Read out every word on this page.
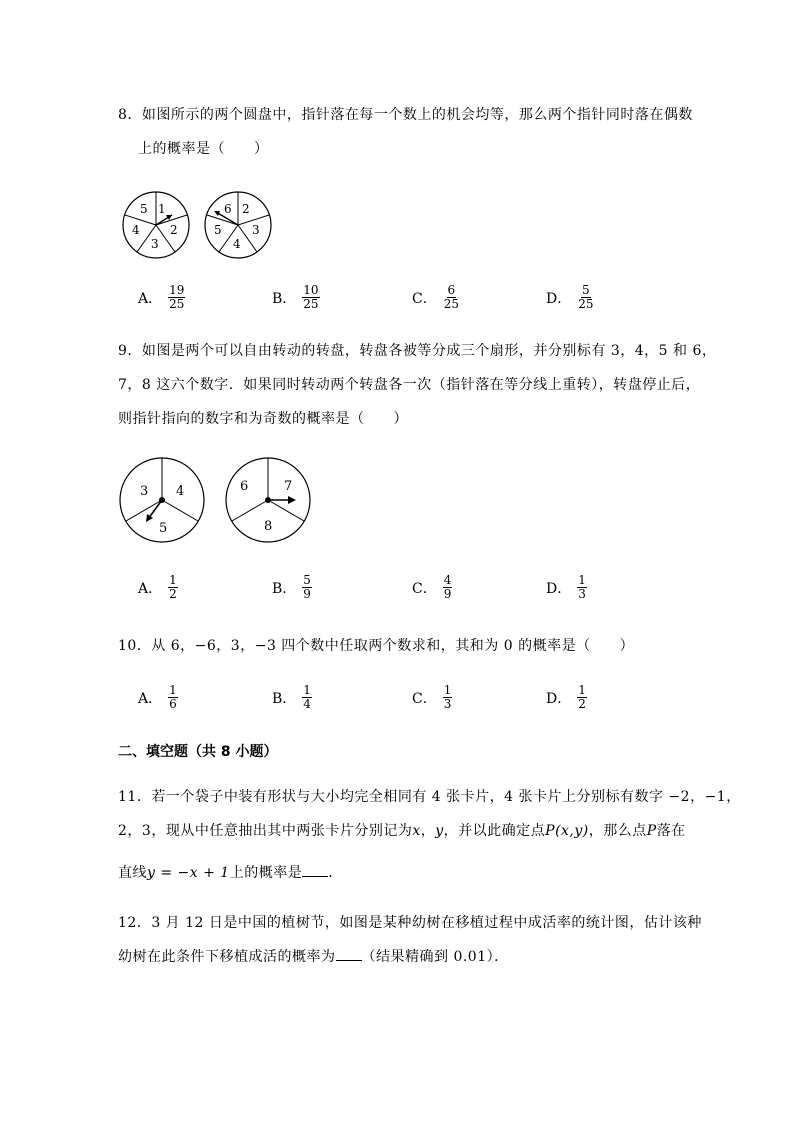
8．如图所示的两个圆盘中，指针落在每一个数上的机会均等，那么两个指针同时落在偶数
上的概率是（　　）
1
2
3
4
5	2
3
4
5
6
A． $\frac{19}{25}$	B． $\frac{10}{25}$	C． $\frac{6}{25}$	D． $\frac{5}{25}$
9．如图是两个可以自由转动的转盘，转盘各被等分成三个扇形，并分别标有 3，4，5 和 6，
7，8 这六个数字．如果同时转动两个转盘各一次（指针落在等分线上重转），转盘停止后，
则指针指向的数字和为奇数的概率是（　　）
3 4
5
6	7
8
A． $\frac{1}{2}$	B． $\frac{5}{9}$	C． $\frac{4}{9}$	D． $\frac{1}{3}$
10．从 6，−6，3，−3 四个数中任取两个数求和，其和为 0 的概率是（　　）
A． $\frac{1}{6}$	B． $\frac{1}{4}$	C． $\frac{1}{3}$	D． $\frac{1}{2}$
二、填空题（共 8 小题）
11．若一个袋子中装有形状与大小均完全相同有 4 张卡片，4 张卡片上分别标有数字 −2，−1，
2，3，现从中任意抽出其中两张卡片分别记为x，y，并以此确定点P(x,y)，那么点P落在
直线y = −x + 1上的概率是 ．
12．3 月 12 日是中国的植树节，如图是某种幼树在移植过程中成活率的统计图，估计该种
幼树在此条件下移植成活的概率为 （结果精确到 0.01）．
